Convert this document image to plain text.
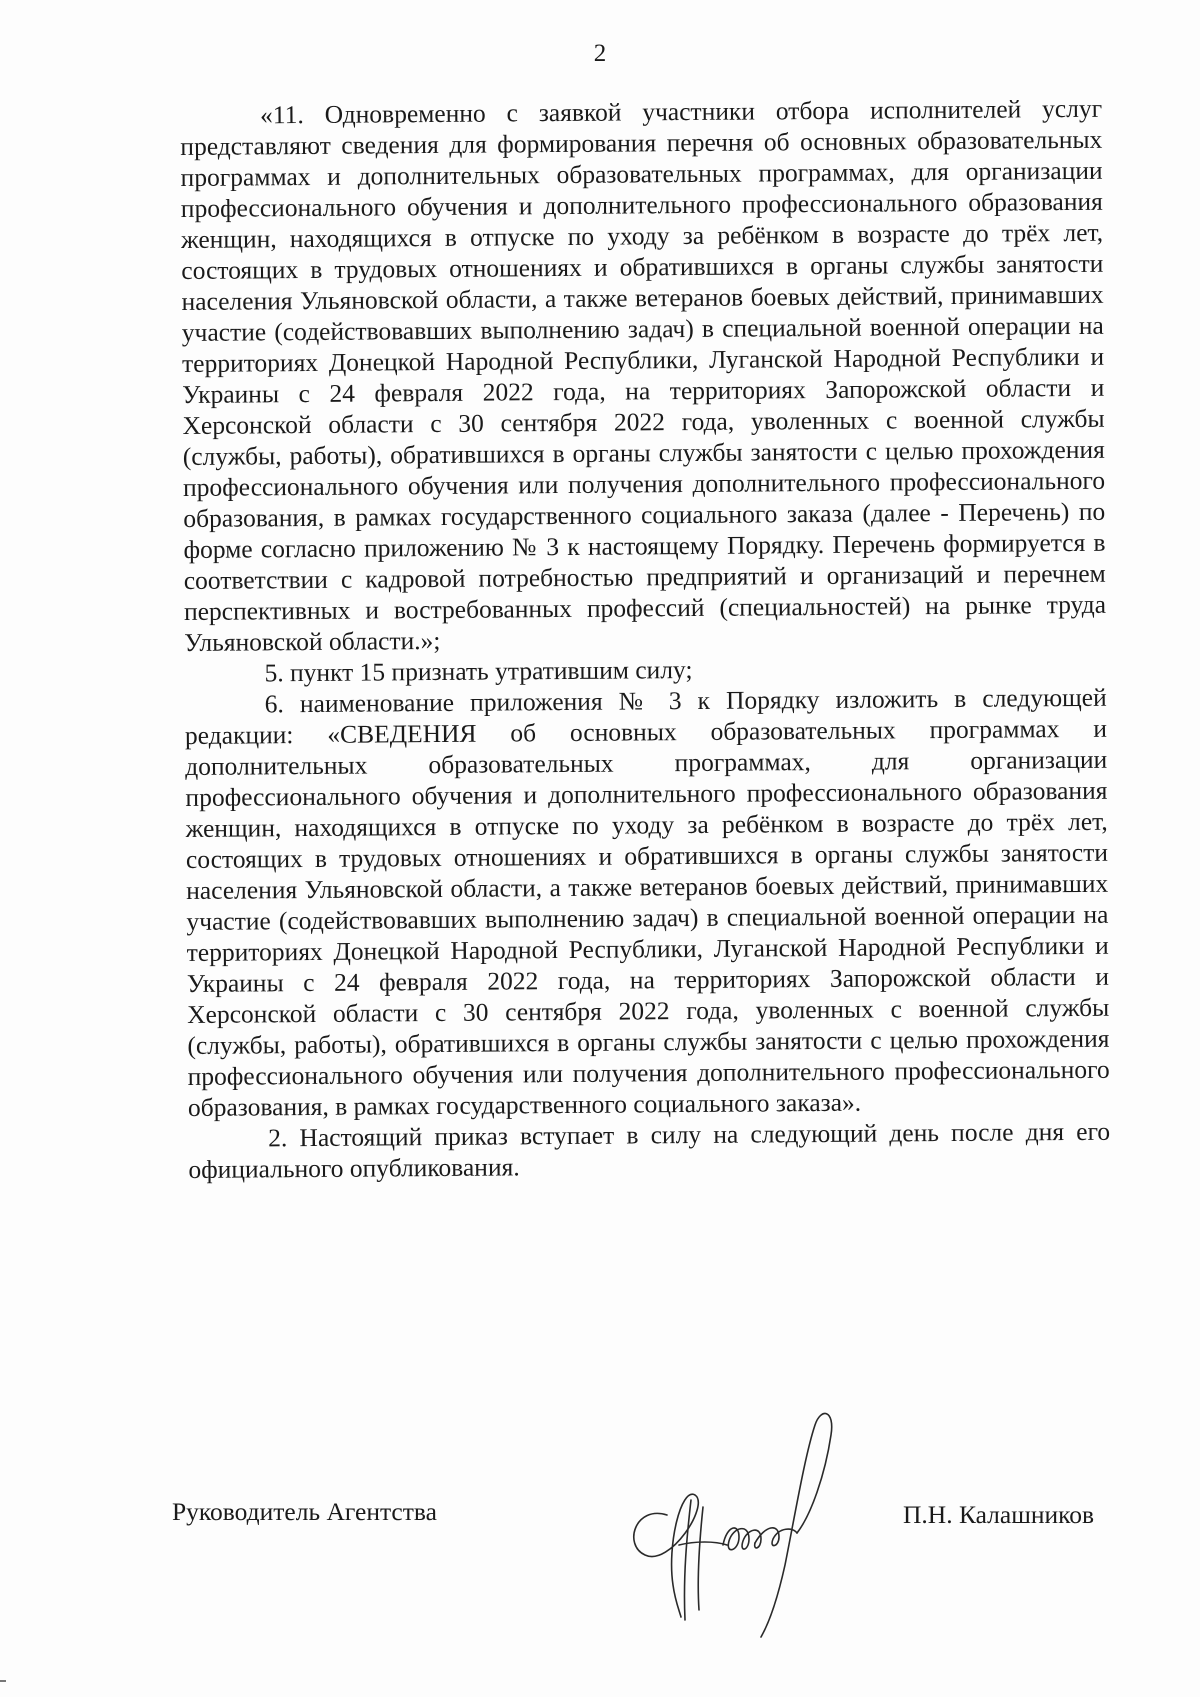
2

«11. Одновременно с заявкой участники отбора исполнителей услуг представляют сведения для формирования перечня об основных образовательных программах и дополнительных образовательных программах, для организации профессионального обучения и дополнительного профессионального образования женщин, находящихся в отпуске по уходу за ребёнком в возрасте до трёх лет, состоящих в трудовых отношениях и обратившихся в органы службы занятости населения Ульяновской области, а также ветеранов боевых действий, принимавших участие (содействовавших выполнению задач) в специальной военной операции на территориях Донецкой Народной Республики, Луганской Народной Республики и Украины с 24 февраля 2022 года, на территориях Запорожской области и Херсонской области с 30 сентября 2022 года, уволенных с военной службы (службы, работы), обратившихся в органы службы занятости с целью прохождения профессионального обучения или получения дополнительного профессионального образования, в рамках государственного социального заказа (далее - Перечень) по форме согласно приложению № 3 к настоящему Порядку. Перечень формируется в соответствии с кадровой потребностью предприятий и организаций и перечнем перспективных и востребованных профессий (специальностей) на рынке труда Ульяновской области.»;

5. пункт 15 признать утратившим силу;

6. наименование приложения № 3 к Порядку изложить в следующей редакции: «СВЕДЕНИЯ об основных образовательных программах и дополнительных образовательных программах, для организации профессионального обучения и дополнительного профессионального образования женщин, находящихся в отпуске по уходу за ребёнком в возрасте до трёх лет, состоящих в трудовых отношениях и обратившихся в органы службы занятости населения Ульяновской области, а также ветеранов боевых действий, принимавших участие (содействовавших выполнению задач) в специальной военной операции на территориях Донецкой Народной Республики, Луганской Народной Республики и Украины с 24 февраля 2022 года, на территориях Запорожской области и Херсонской области с 30 сентября 2022 года, уволенных с военной службы (службы, работы), обратившихся в органы службы занятости с целью прохождения профессионального обучения или получения дополнительного профессионального образования, в рамках государственного социального заказа».

2. Настоящий приказ вступает в силу на следующий день после дня его официального опубликования.

Руководитель Агентства	П.Н. Калашников
